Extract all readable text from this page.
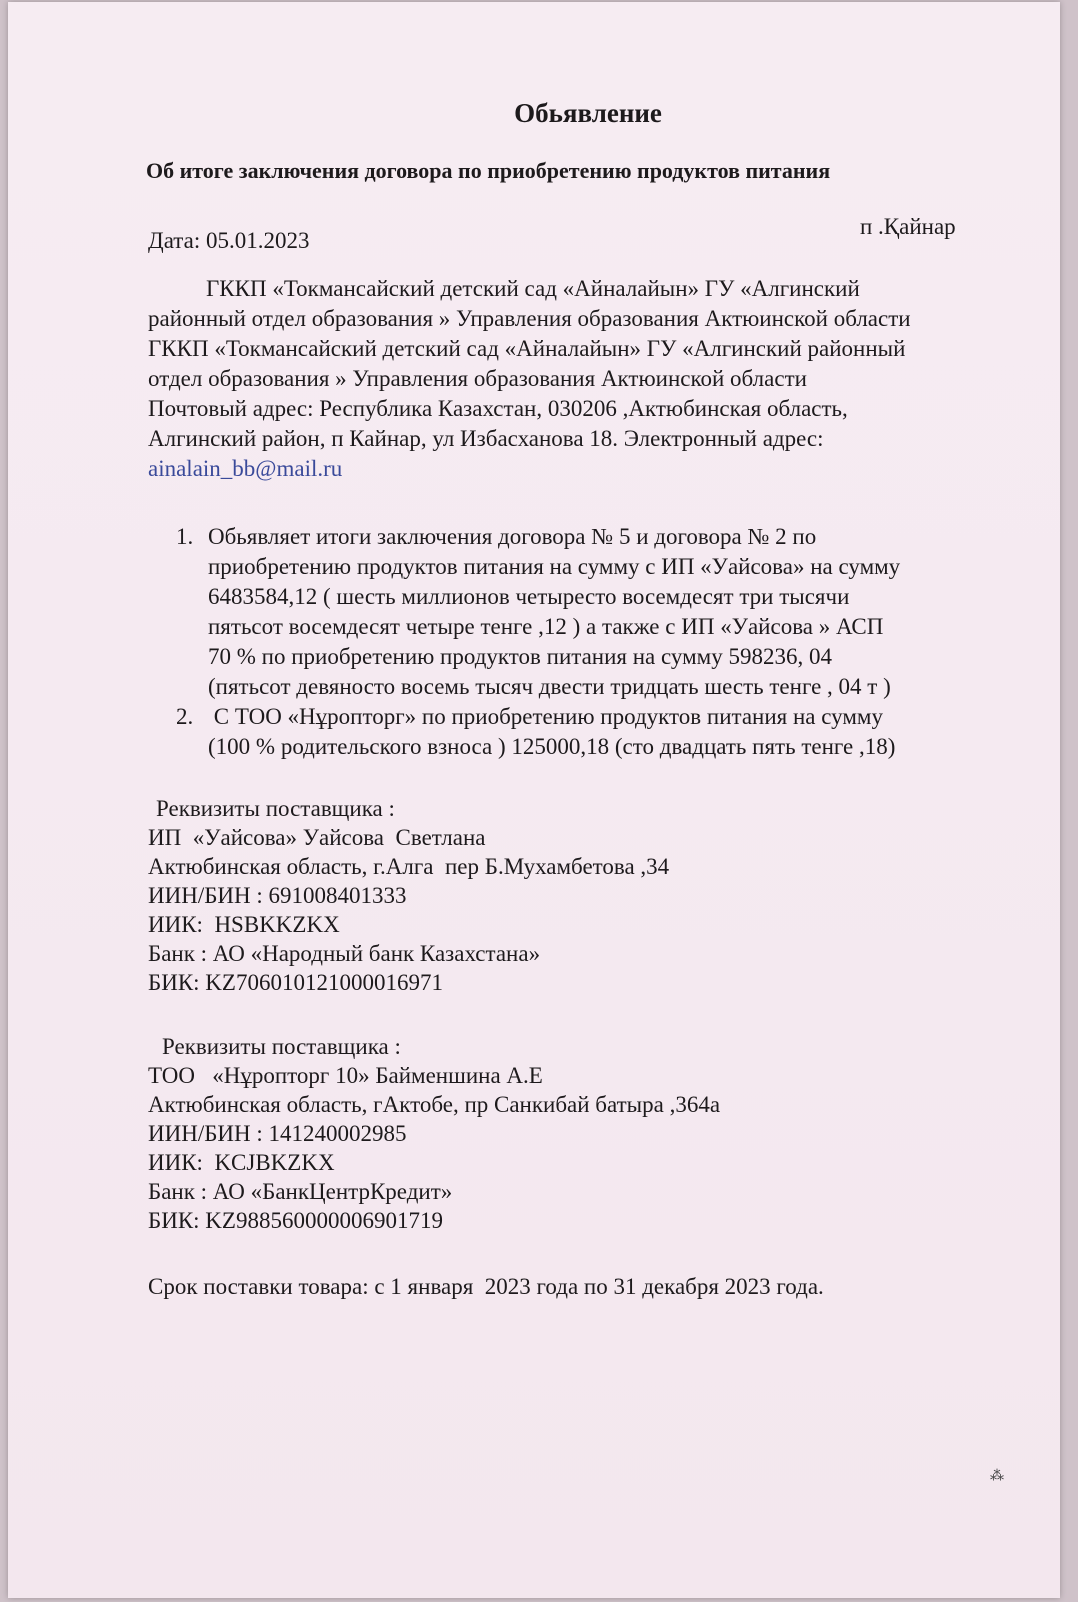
Обьявление
Об итоге заключения договора по приобретению продуктов питания
Дата: 05.01.2023
п .Қайнар
ГККП «Токмансайский детский сад «Айналайын» ГУ «Алгинский
районный отдел образования » Управления образования Актюинской области
ГККП «Токмансайский детский сад «Айналайын» ГУ «Алгинский районный
отдел образования » Управления образования Актюинской области
Почтовый адрес: Республика Казахстан, 030206 ,Актюбинская область,
Алгинский район, п Кайнар, ул Избасханова 18. Электронный адрес:
ainalain_bb@mail.ru
1. Обьявляет итоги заключения договора № 5 и договора № 2 по
приобретению продуктов питания на сумму с ИП «Уайсова» на сумму
6483584,12 ( шесть миллионов четыресто восемдесят три тысячи
пятьсот восемдесят четыре тенге ,12 ) а также с ИП «Уайсова » АСП
70 % по приобретению продуктов питания на сумму 598236, 04
(пятьсот девяносто восемь тысяч двести тридцать шесть тенге , 04 т )
2. С ТОО «Нұропторг» по приобретению продуктов питания на сумму
(100 % родительского взноса ) 125000,18 (сто двадцать пять тенге ,18)
Реквизиты поставщика :
ИП  «Уайсова» Уайсова  Светлана
Актюбинская область, г.Алга  пер Б.Мухамбетова ,34
ИИН/БИН : 691008401333
ИИК:  HSBKKZKX
Банк : АО «Народный банк Казахстана»
БИК: KZ706010121000016971
Реквизиты поставщика :
ТОО   «Нұропторг 10» Байменшина А.Е
Актюбинская область, гАктобе, пр Санкибай батыра ,364а
ИИН/БИН : 141240002985
ИИК:  KCJBKZKX
Банк : АО «БанкЦентрКредит»
БИК: KZ988560000006901719
Срок поставки товара: с 1 января  2023 года по 31 декабря 2023 года.
⁂
